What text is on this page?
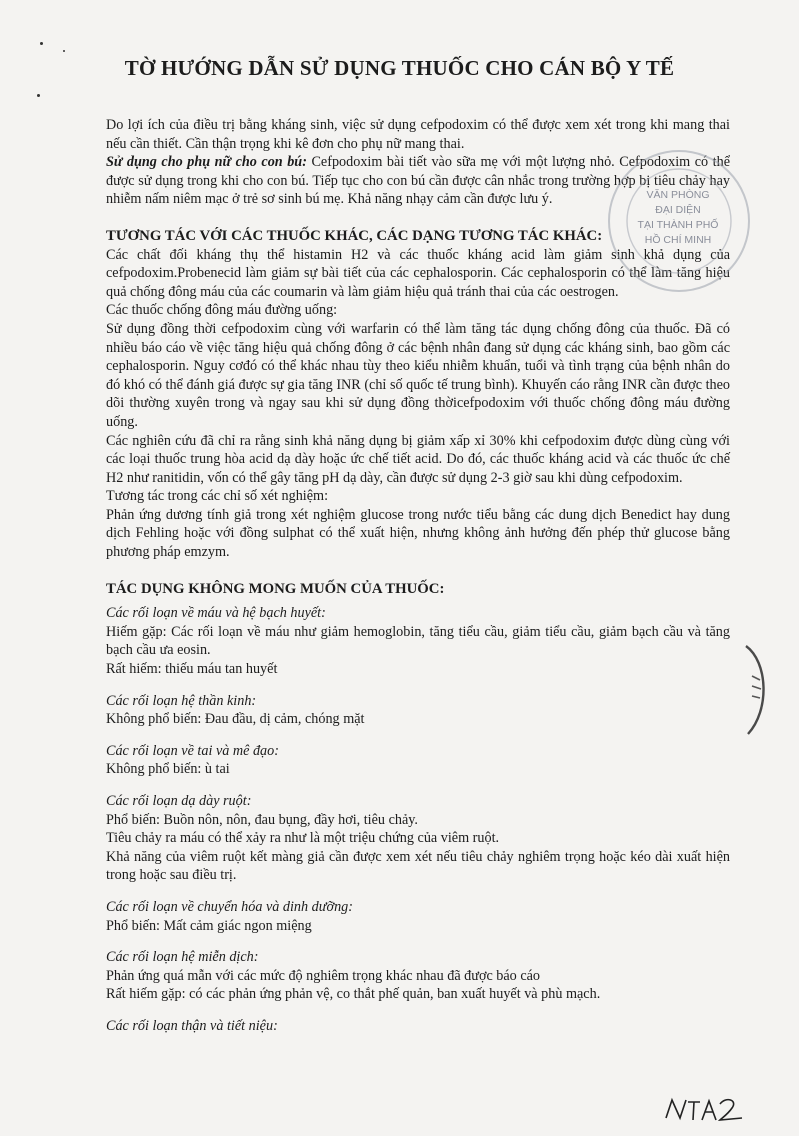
TỜ HƯỚNG DẪN SỬ DỤNG THUỐC CHO CÁN BỘ Y TẾ

Do lợi ích của điều trị bằng kháng sinh, việc sử dụng cefpodoxim có thể được xem xét trong khi mang thai nếu cần thiết. Cần thận trọng khi kê đơn cho phụ nữ mang thai.

Sử dụng cho phụ nữ cho con bú: Cefpodoxim bài tiết vào sữa mẹ với một lượng nhỏ. Cefpodoxim có thể được sử dụng trong khi cho con bú. Tiếp tục cho con bú cần được cân nhắc trong trường hợp bị tiêu chảy hay nhiễm nấm niêm mạc ở trẻ sơ sinh bú mẹ. Khả năng nhạy cảm cần được lưu ý.

TƯƠNG TÁC VỚI CÁC THUỐC KHÁC, CÁC DẠNG TƯƠNG TÁC KHÁC:

Các chất đối kháng thụ thể histamin H2 và các thuốc kháng acid làm giảm sinh khả dụng của cefpodoxim.Probenecid làm giảm sự bài tiết của các cephalosporin. Các cephalosporin có thể làm tăng hiệu quả chống đông máu của các coumarin và làm giảm hiệu quả tránh thai của các oestrogen.

Các thuốc chống đông máu đường uống:

Sử dụng đồng thời cefpodoxim cùng với warfarin có thể làm tăng tác dụng chống đông của thuốc. Đã có nhiều báo cáo về việc tăng hiệu quả chống đông ở các bệnh nhân đang sử dụng các kháng sinh, bao gồm các cephalosporin. Nguy cơđó có thể khác nhau tùy theo kiểu nhiễm khuẩn, tuổi và tình trạng của bệnh nhân do đó khó có thể đánh giá được sự gia tăng INR (chỉ số quốc tế trung bình). Khuyến cáo rằng INR cần được theo dõi thường xuyên trong và ngay sau khi sử dụng đồng thờicefpodoxim với thuốc chống đông máu đường uống.

Các nghiên cứu đã chỉ ra rằng sinh khả năng dụng bị giảm xấp xỉ 30% khi cefpodoxim được dùng cùng với các loại thuốc trung hòa acid dạ dày hoặc ức chế tiết acid. Do đó, các thuốc kháng acid và các thuốc ức chế H2 như ranitidin, vốn có thể gây tăng pH dạ dày, cần được sử dụng 2-3 giờ sau khi dùng cefpodoxim.

Tương tác trong các chỉ số xét nghiệm:

Phản ứng dương tính giả trong xét nghiệm glucose trong nước tiểu bằng các dung dịch Benedict hay dung dịch Fehling hoặc với đồng sulphat có thể xuất hiện, nhưng không ảnh hưởng đến phép thử glucose bằng phương pháp emzym.

TÁC DỤNG KHÔNG MONG MUỐN CỦA THUỐC:

Các rối loạn về máu và hệ bạch huyết:

Hiếm gặp: Các rối loạn về máu như giảm hemoglobin, tăng tiểu cầu, giảm tiểu cầu, giảm bạch cầu và tăng bạch cầu ưa eosin.

Rất hiếm: thiếu máu tan huyết

Các rối loạn hệ thần kinh:

Không phổ biến: Đau đầu, dị cảm, chóng mặt

Các rối loạn về tai và mê đạo:

Không phổ biến: ù tai

Các rối loạn dạ dày ruột:

Phổ biến: Buồn nôn, nôn, đau bụng, đầy hơi, tiêu chảy.

Tiêu chảy ra máu có thể xảy ra như là một triệu chứng của viêm ruột.

Khả năng của viêm ruột kết màng giả cần được xem xét nếu tiêu chảy nghiêm trọng hoặc kéo dài xuất hiện trong hoặc sau điều trị.

Các rối loạn về chuyển hóa và dinh dưỡng:

Phổ biến: Mất cảm giác ngon miệng

Các rối loạn hệ miễn dịch:

Phản ứng quá mẫn với các mức độ nghiêm trọng khác nhau đã được báo cáo

Rất hiếm gặp: có các phản ứng phản vệ, co thắt phế quản, ban xuất huyết và phù mạch.

Các rối loạn thận và tiết niệu:

VĂN PHÒNG
ĐẠI DIỆN
TẠI THÀNH PHỐ
HỒ CHÍ MINH
